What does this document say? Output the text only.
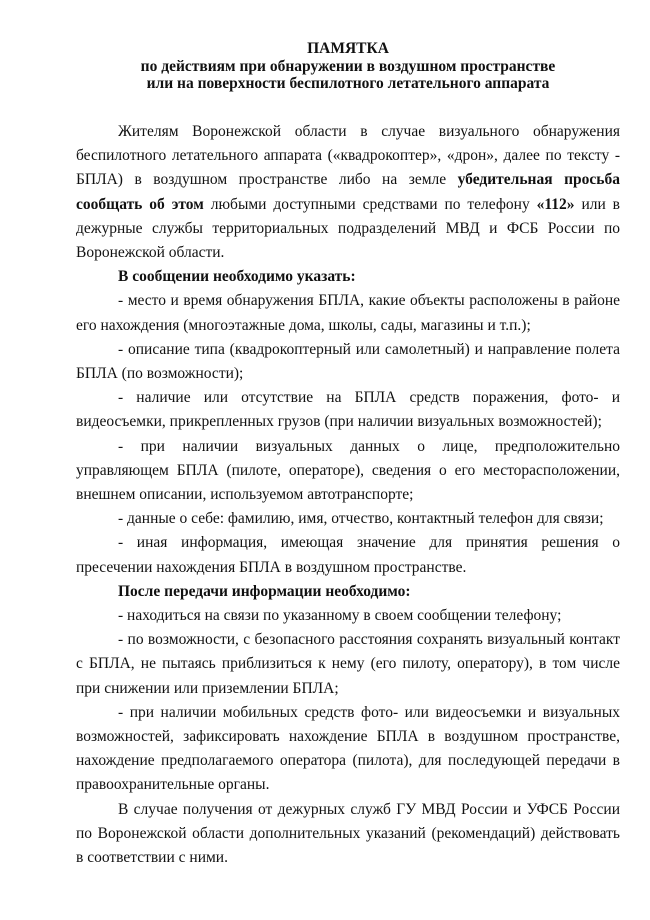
ПАМЯТКА

по действиям при обнаружении в воздушном пространстве

или на поверхности беспилотного летательного аппарата

Жителям Воронежской области в случае визуального обнаружения беспилотного летательного аппарата («квадрокоптер», «дрон», далее по тексту - БПЛА) в воздушном пространстве либо на земле убедительная просьба сообщать об этом любыми доступными средствами по телефону «112» или в дежурные службы территориальных подразделений МВД и ФСБ России по Воронежской области.

В сообщении необходимо указать:

- место и время обнаружения БПЛА, какие объекты расположены в районе его нахождения (многоэтажные дома, школы, сады, магазины и т.п.);

- описание типа (квадрокоптерный или самолетный) и направление полета БПЛА (по возможности);

- наличие или отсутствие на БПЛА средств поражения, фото- и видеосъемки, прикрепленных грузов (при наличии визуальных возможностей);

- при наличии визуальных данных о лице, предположительно управляющем БПЛА (пилоте, операторе), сведения о его месторасположении, внешнем описании, используемом автотранспорте;

- данные о себе: фамилию, имя, отчество, контактный телефон для связи;

- иная информация, имеющая значение для принятия решения о пресечении нахождения БПЛА в воздушном пространстве.

После передачи информации необходимо:

- находиться на связи по указанному в своем сообщении телефону;

- по возможности, с безопасного расстояния сохранять визуальный контакт с БПЛА, не пытаясь приблизиться к нему (его пилоту, оператору), в том числе при снижении или приземлении БПЛА;

- при наличии мобильных средств фото- или видеосъемки и визуальных возможностей, зафиксировать нахождение БПЛА в воздушном пространстве, нахождение предполагаемого оператора (пилота), для последующей передачи в правоохранительные органы.

В случае получения от дежурных служб ГУ МВД России и УФСБ России по Воронежской области дополнительных указаний (рекомендаций) действовать в соответствии с ними.
